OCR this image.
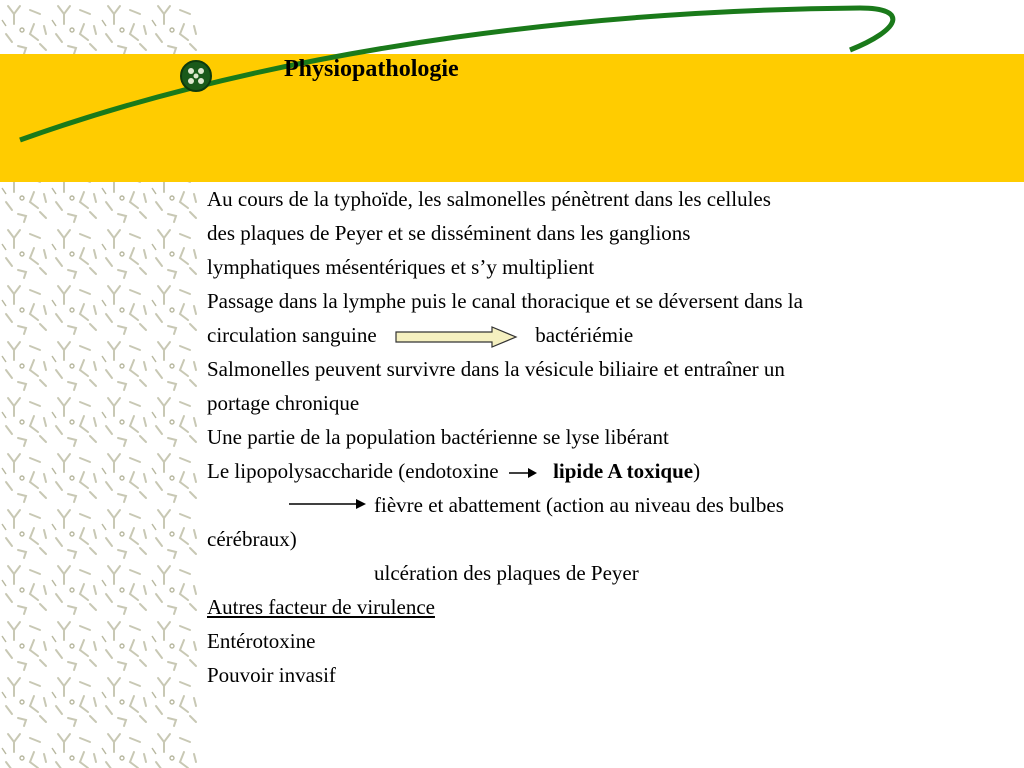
Physiopathologie
Au cours de la typhoïde, les salmonelles pénètrent dans les cellules
des plaques de Peyer et se disséminent dans les ganglions
lymphatiques mésentériques et s’y multiplient
Passage dans la lymphe puis le canal thoracique et se déversent dans la
circulation sanguine	bactériémie
Salmonelles peuvent survivre dans la vésicule biliaire et entraîner un
portage chronique
Une partie de la population bactérienne se lyse libérant
Le lipopolysaccharide (endotoxine	lipide A toxique)
fièvre et abattement (action au niveau des bulbes
cérébraux)
ulcération des plaques de Peyer
Autres facteur de virulence
Entérotoxine
Pouvoir invasif
